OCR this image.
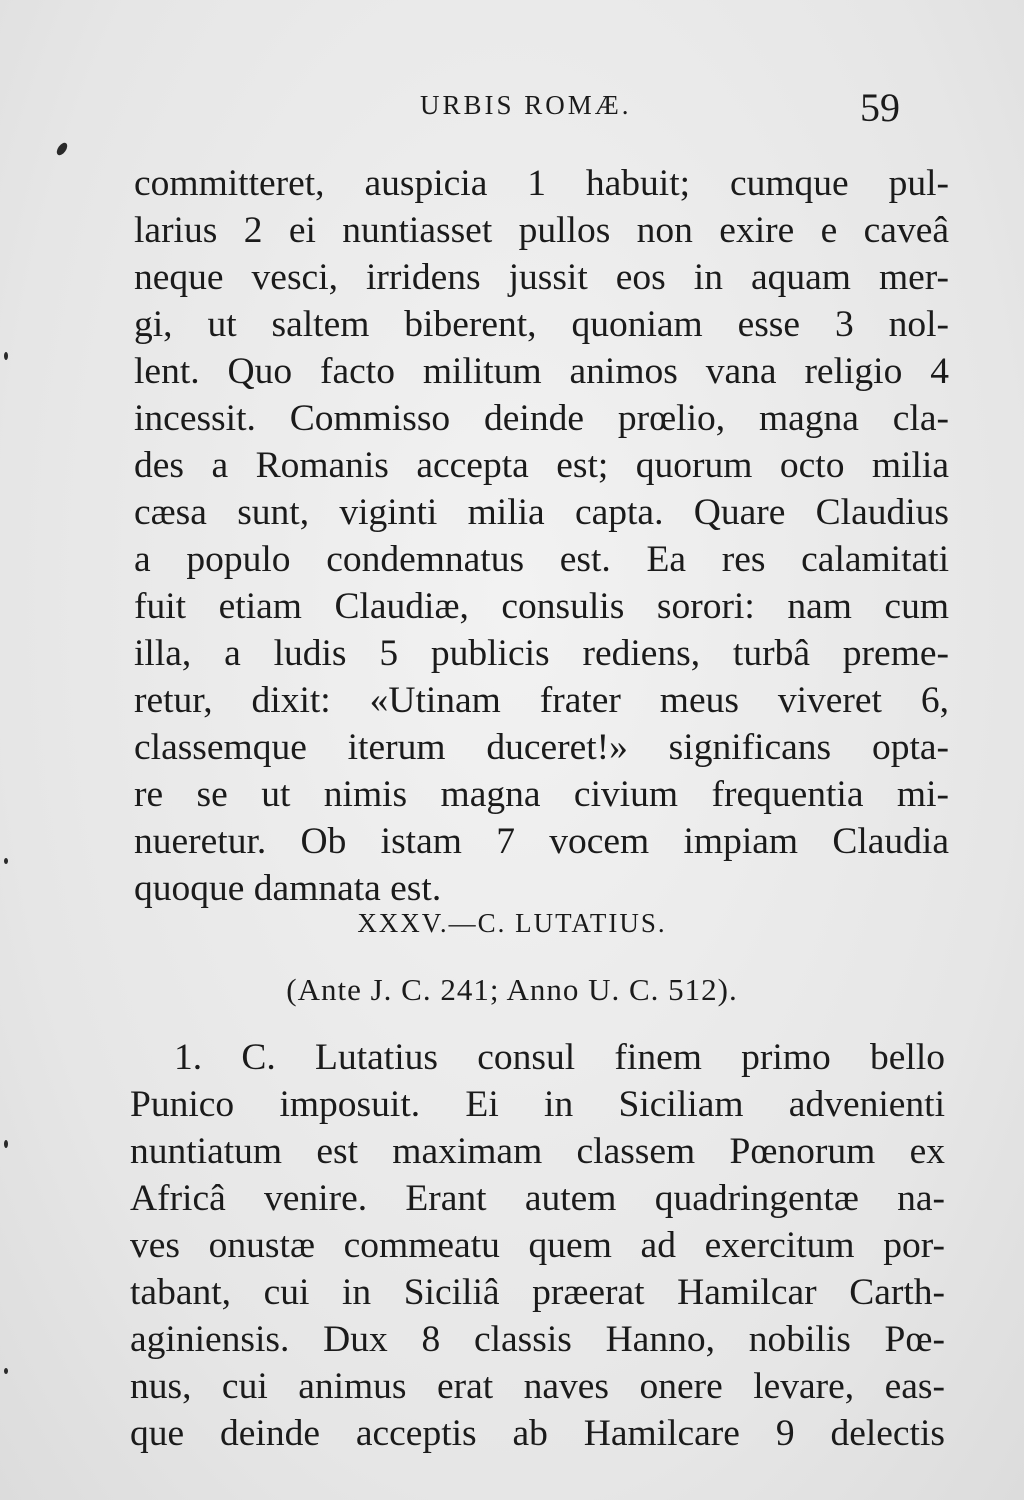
URBIS ROMÆ.	59
committeret, auspicia 1 habuit; cumque pul-
larius 2 ei nuntiasset pullos non exire e caveâ
neque vesci, irridens jussit eos in aquam mer-
gi, ut saltem biberent, quoniam esse 3 nol-
lent. Quo facto militum animos vana religio 4
incessit. Commisso deinde prœlio, magna cla-
des a Romanis accepta est; quorum octo milia
cæsa sunt, viginti milia capta. Quare Claudius
a populo condemnatus est. Ea res calamitati
fuit etiam Claudiæ, consulis sorori: nam cum
illa, a ludis 5 publicis rediens, turbâ preme-
retur, dixit: «Utinam frater meus viveret 6,
classemque iterum duceret!» significans opta-
re se ut nimis magna civium frequentia mi-
nueretur. Ob istam 7 vocem impiam Claudia
quoque damnata est.
XXXV.—C. LUTATIUS.
(Ante J. C. 241; Anno U. C. 512).
1. C. Lutatius consul finem primo bello
Punico imposuit. Ei in Siciliam advenienti
nuntiatum est maximam classem Pœnorum ex
Africâ venire. Erant autem quadringentæ na-
ves onustæ commeatu quem ad exercitum por-
tabant, cui in Siciliâ præerat Hamilcar Carth-
aginiensis. Dux 8 classis Hanno, nobilis Pœ-
nus, cui animus erat naves onere levare, eas-
que deinde acceptis ab Hamilcare 9 delectis
